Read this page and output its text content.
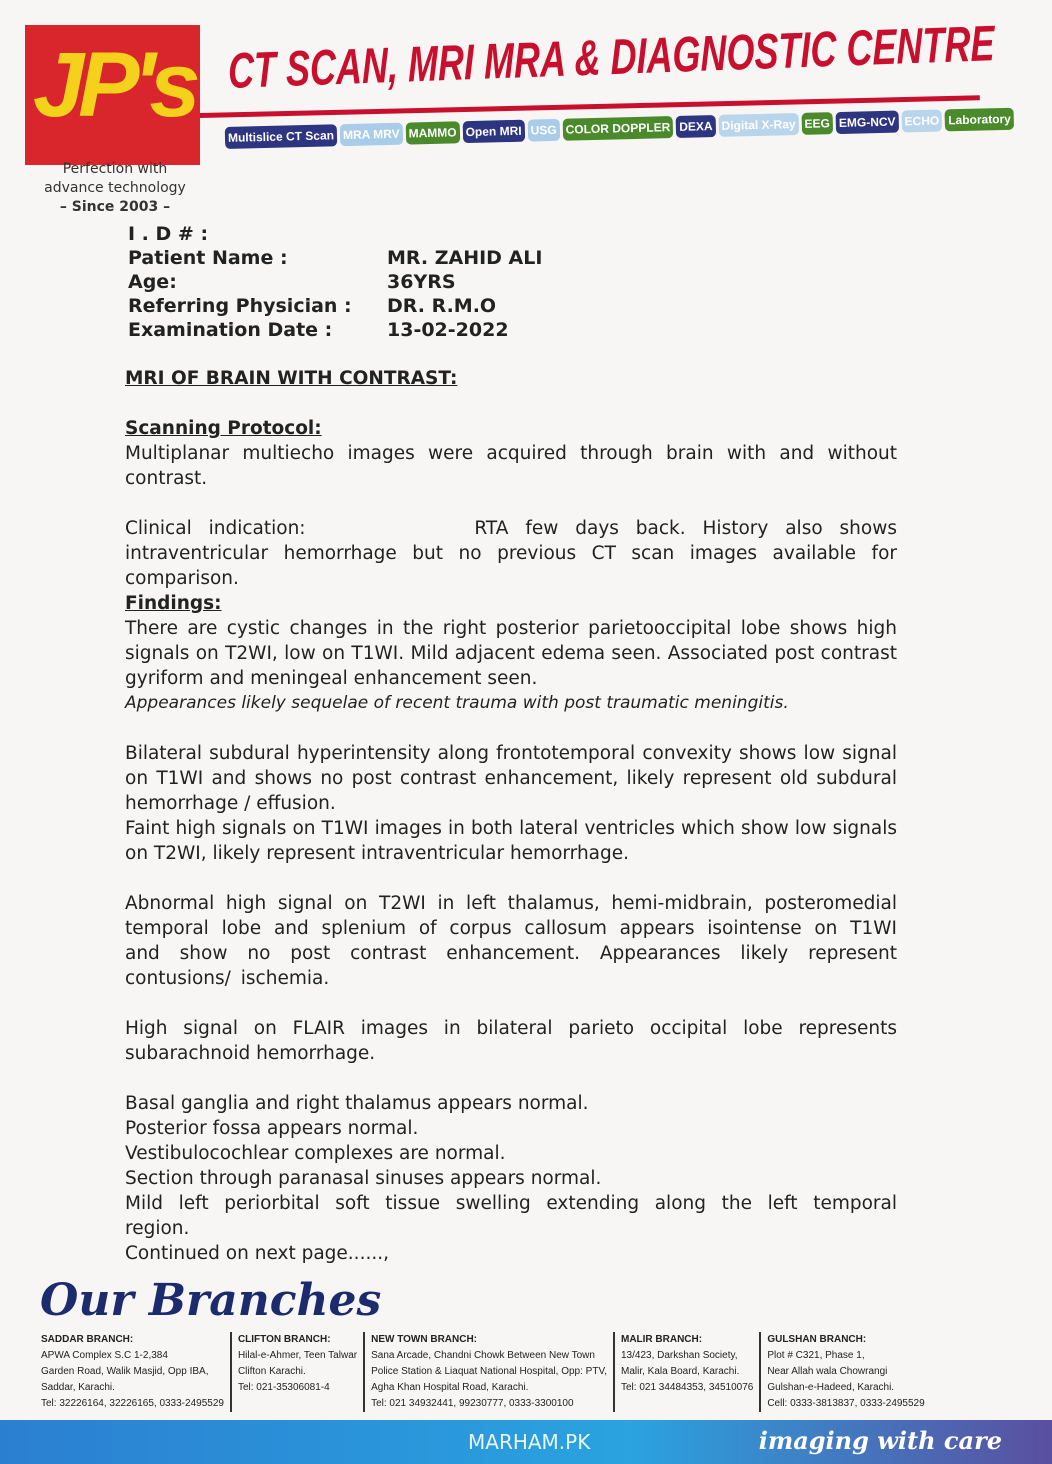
JP's
Perfection with
advance technology
– Since 2003 –
CT SCAN, MRI MRA & DIAGNOSTIC CENTRE
Multislice CT Scan MRA MRV MAMMO Open MRI USG COLOR DOPPLER DEXA Digital X-Ray EEG EMG-NCV ECHO Laboratory
I . D # :
Patient Name :	MR. ZAHID ALI
Age:	36YRS
Referring Physician :	DR. R.M.O
Examination Date :	13-02-2022
MRI OF BRAIN WITH CONTRAST:
Scanning Protocol:
Multiplanar multiecho images were acquired through brain with and without contrast.
Clinical indication:          RTA few days back. History also shows intraventricular hemorrhage but no previous CT scan images available for comparison.
Findings:
There are cystic changes in the right posterior parietooccipital lobe shows high signals on T2WI, low on T1WI. Mild adjacent edema seen. Associated post contrast gyriform and meningeal enhancement seen.
Appearances likely sequelae of recent trauma with post traumatic meningitis.
Bilateral subdural hyperintensity along frontotemporal convexity shows low signal on T1WI and shows no post contrast enhancement, likely represent old subdural hemorrhage / effusion.
Faint high signals on T1WI images in both lateral ventricles which show low signals on T2WI, likely represent intraventricular hemorrhage.
Abnormal high signal on T2WI in left thalamus, hemi-midbrain, posteromedial temporal lobe and splenium of corpus callosum appears isointense on T1WI and show no post contrast enhancement. Appearances likely represent contusions/ ischemia.
High signal on FLAIR images in bilateral parieto occipital lobe represents subarachnoid hemorrhage.
Basal ganglia and right thalamus appears normal.
Posterior fossa appears normal.
Vestibulocochlear complexes are normal.
Section through paranasal sinuses appears normal.
Mild left periorbital soft tissue swelling extending along the left temporal region.
Continued on next page......,
Our Branches
SADDAR BRANCH:
APWA Complex S.C 1-2,384
Garden Road, Walik Masjid, Opp IBA,
Saddar, Karachi.
Tel: 32226164, 32226165, 0333-2495529
CLIFTON BRANCH:
Hilal-e-Ahmer, Teen Talwar
Clifton Karachi.
Tel: 021-35306081-4
NEW TOWN BRANCH:
Sana Arcade, Chandni Chowk Between New Town
Police Station & Liaquat National Hospital, Opp: PTV,
Agha Khan Hospital Road, Karachi.
Tel: 021 34932441, 99230777, 0333-3300100
MALIR BRANCH:
13/423, Darkshan Society,
Malir, Kala Board, Karachi.
Tel: 021 34484353, 34510076
GULSHAN BRANCH:
Plot # C321, Phase 1,
Near Allah wala Chowrangi
Gulshan-e-Hadeed, Karachi.
Cell: 0333-3813837, 0333-2495529
MARHAM.PK	imaging with care
